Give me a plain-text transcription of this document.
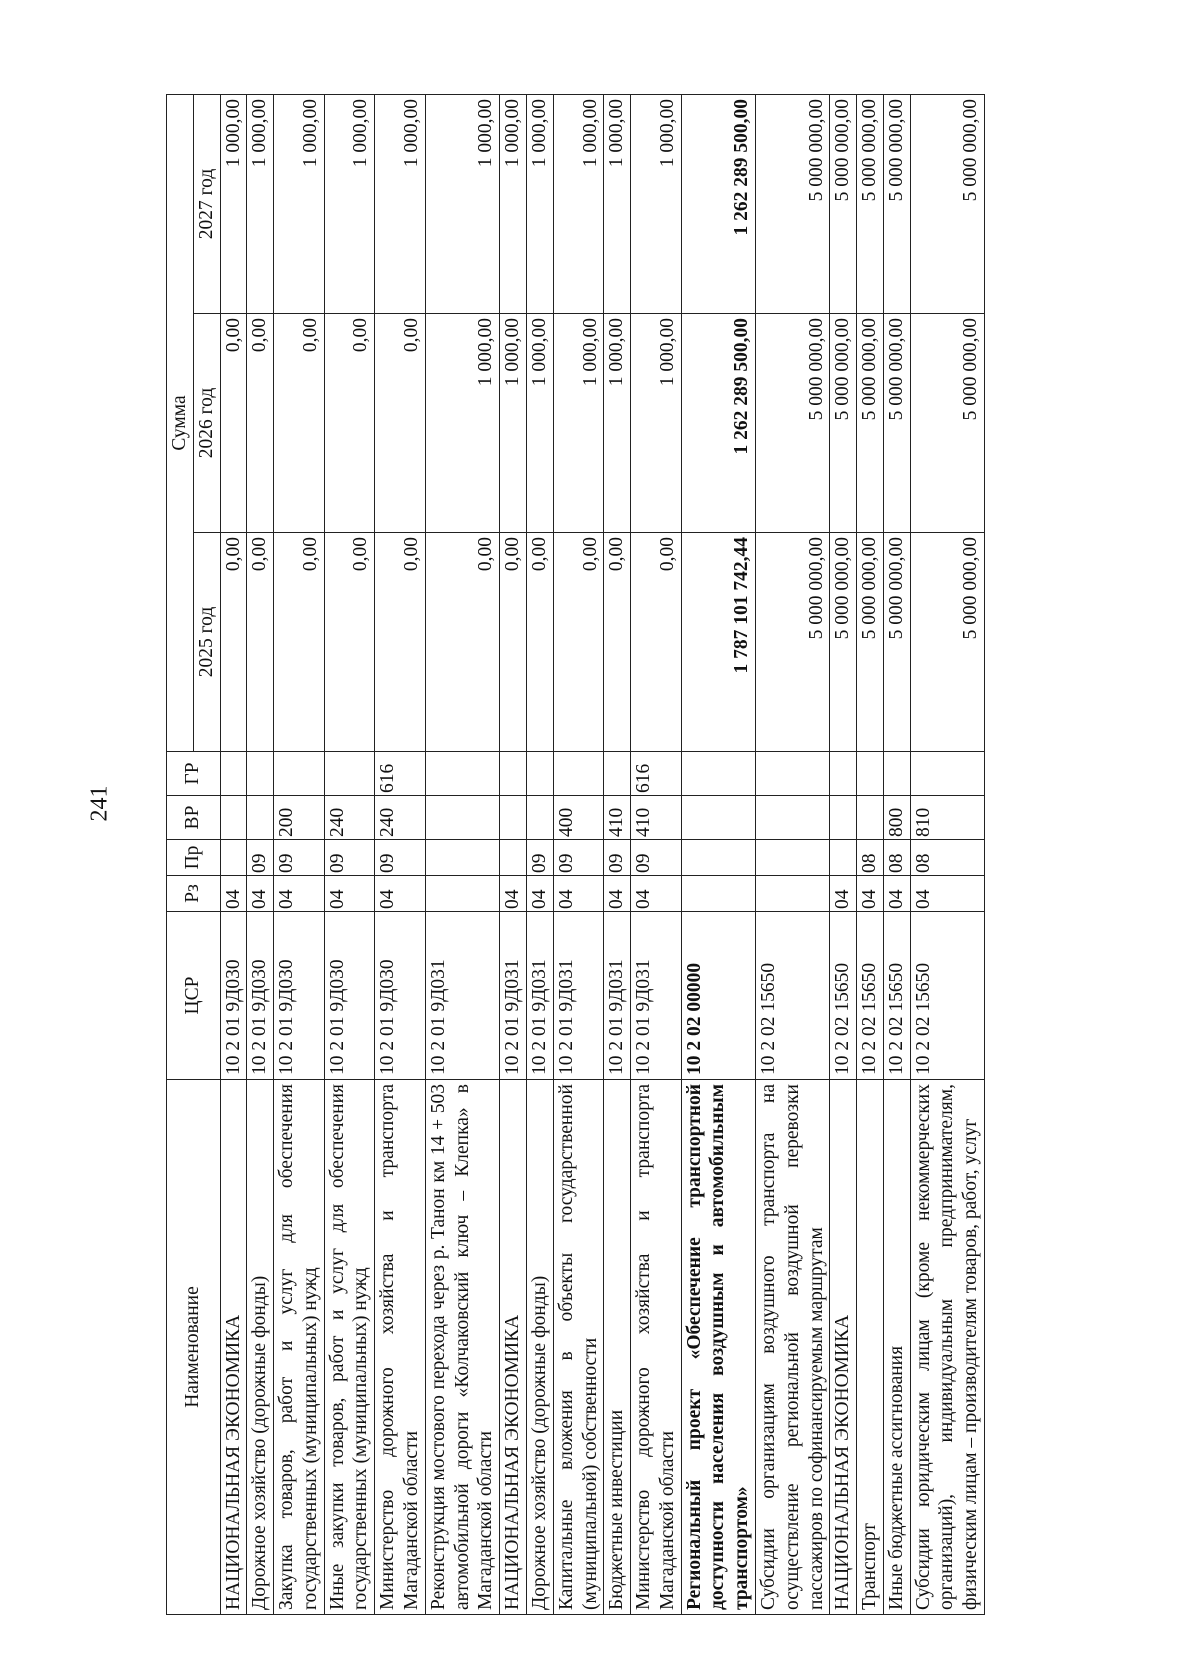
241
Наименование	ЦСР	Рз	Пр	ВР	ГР	Сумма		
						2025 год	2026 год	2027 год
НАЦИОНАЛЬНАЯ ЭКОНОМИКА	10 2 01 9Д030	04				0,00	0,00	1 000,00
Дорожное хозяйство (дорожные фонды)	10 2 01 9Д030	04	09			0,00	0,00	1 000,00
Закупка товаров, работ и услуг для обеспечения государственных (муниципальных) нужд	10 2 01 9Д030	04	09	200		0,00	0,00	1 000,00
Иные закупки товаров, работ и услуг для обеспечения государственных (муниципальных) нужд	10 2 01 9Д030	04	09	240		0,00	0,00	1 000,00
Министерство дорожного хозяйства и транспорта Магаданской области	10 2 01 9Д030	04	09	240	616	0,00	0,00	1 000,00
Реконструкция мостового перехода через р. Танон км 14 + 503 автомобильной дороги «Колчаковский ключ – Клепка» в Магаданской области	10 2 01 9Д031					0,00	1 000,00	1 000,00
НАЦИОНАЛЬНАЯ ЭКОНОМИКА	10 2 01 9Д031	04				0,00	1 000,00	1 000,00
Дорожное хозяйство (дорожные фонды)	10 2 01 9Д031	04	09			0,00	1 000,00	1 000,00
Капитальные вложения в объекты государственной (муниципальной) собственности	10 2 01 9Д031	04	09	400		0,00	1 000,00	1 000,00
Бюджетные инвестиции	10 2 01 9Д031	04	09	410		0,00	1 000,00	1 000,00
Министерство дорожного хозяйства и транспорта Магаданской области	10 2 01 9Д031	04	09	410	616	0,00	1 000,00	1 000,00
Региональный проект «Обеспечение транспортной доступности населения воздушным и автомобильным транспортом»	10 2 02 00000					1 787 101 742,44	1 262 289 500,00	1 262 289 500,00
Субсидии организациям воздушного транспорта на осуществление региональной воздушной перевозки пассажиров по софинансируемым маршрутам	10 2 02 15650					5 000 000,00	5 000 000,00	5 000 000,00
НАЦИОНАЛЬНАЯ ЭКОНОМИКА	10 2 02 15650	04				5 000 000,00	5 000 000,00	5 000 000,00
Транспорт	10 2 02 15650	04	08			5 000 000,00	5 000 000,00	5 000 000,00
Иные бюджетные ассигнования	10 2 02 15650	04	08	800		5 000 000,00	5 000 000,00	5 000 000,00
Субсидии юридическим лицам (кроме некоммерческих организаций), индивидуальным предпринимателям, физическим лицам – производителям товаров, работ, услуг	10 2 02 15650	04	08	810		5 000 000,00	5 000 000,00	5 000 000,00
